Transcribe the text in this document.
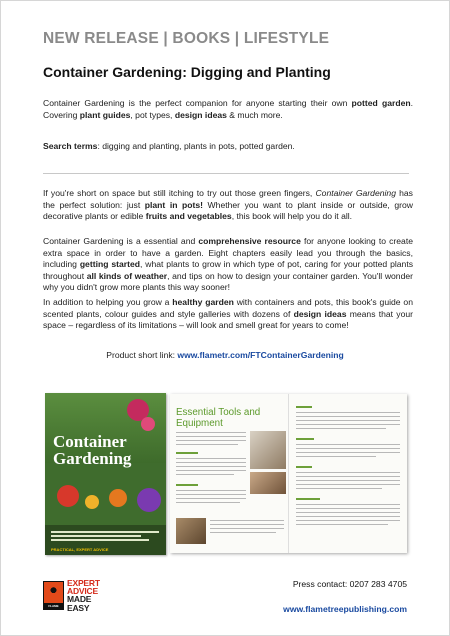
NEW RELEASE | BOOKS | LIFESTYLE
Container Gardening: Digging and Planting
Container Gardening is the perfect companion for anyone starting their own potted garden. Covering plant guides, pot types, design ideas & much more.
Search terms: digging and planting, plants in pots, potted garden.
If you're short on space but still itching to try out those green fingers, Container Gardening has the perfect solution: just plant in pots! Whether you want to plant inside or outside, grow decorative plants or edible fruits and vegetables, this book will help you do it all.
Container Gardening is a essential and comprehensive resource for anyone looking to create extra space in order to have a garden. Eight chapters easily lead you through the basics, including getting started, what plants to grow in which type of pot, caring for your potted plants throughout all kinds of weather, and tips on how to design your container garden. You'll wonder why you didn't grow more plants this way sooner!
In addition to helping you grow a healthy garden with containers and pots, this book's guide on scented plants, colour guides and style galleries with dozens of design ideas means that your space – regardless of its limitations – will look and smell great for years to come!
Product short link: www.flametr.com/FTContainerGardening
Container
Gardening
PRACTICAL, EXPERT ADVICE
Essential Tools and Equipment
FLAME TREE
EXPERT
ADVICE
MADE
EASY
Press contact: 0207 283 4705
www.flametreepublishing.com
